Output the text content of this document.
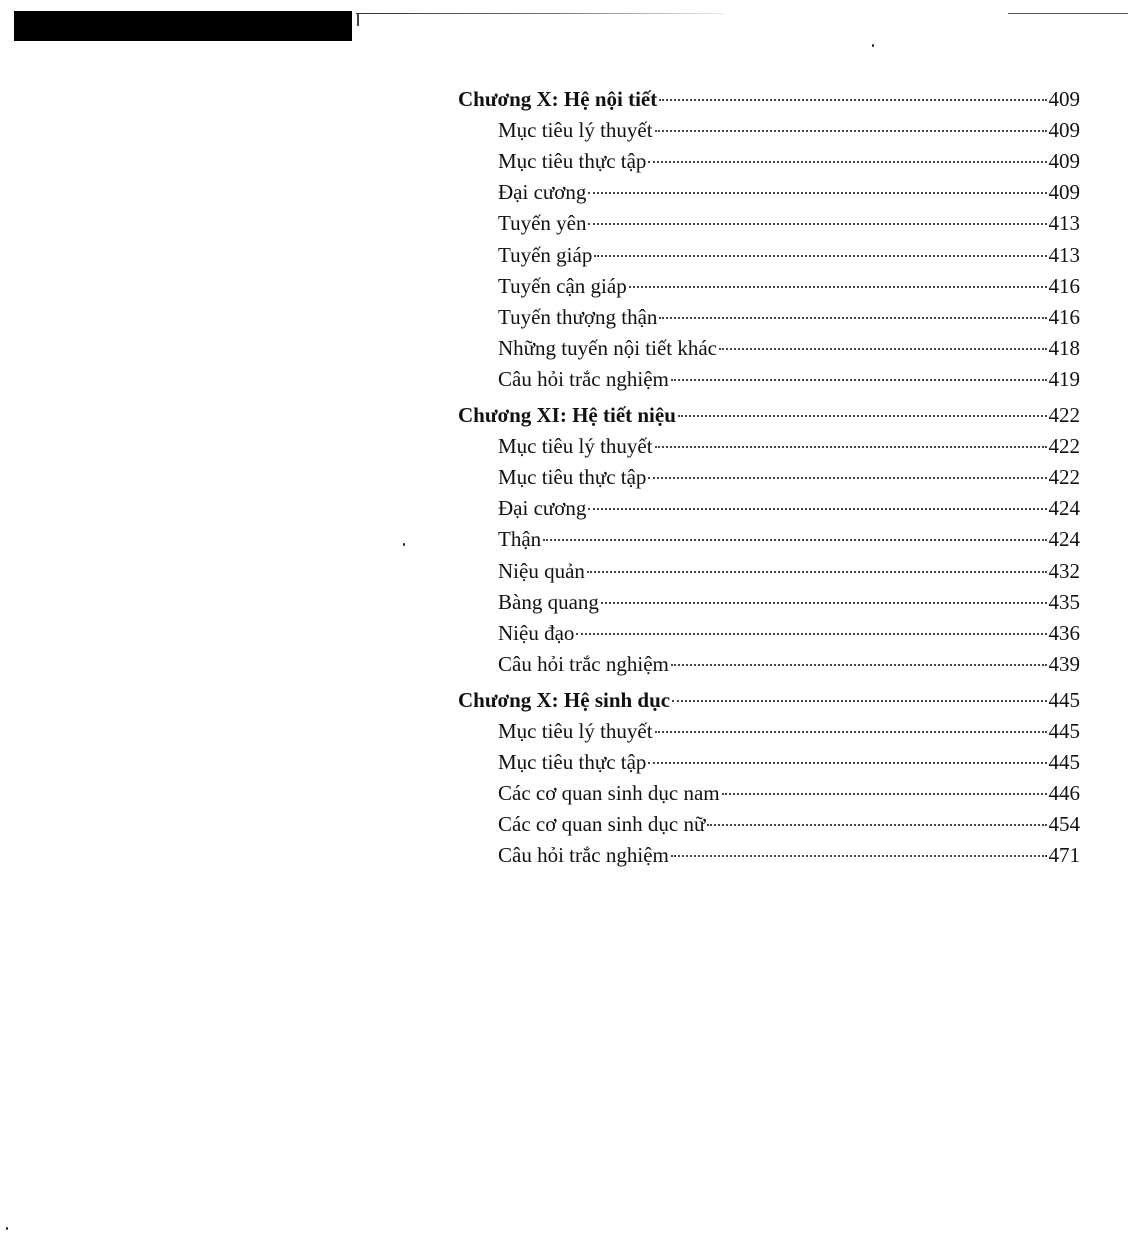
Chương X: Hệ nội tiết	409
Mục tiêu lý thuyết	409
Mục tiêu thực tập	409
Đại cương	409
Tuyến yên	413
Tuyến giáp	413
Tuyến cận giáp	416
Tuyến thượng thận	416
Những tuyến nội tiết khác	418
Câu hỏi trắc nghiệm	419
Chương XI: Hệ tiết niệu	422
Mục tiêu lý thuyết	422
Mục tiêu thực tập	422
Đại cương	424
Thận	424
Niệu quản	432
Bàng quang	435
Niệu đạo	436
Câu hỏi trắc nghiệm	439
Chương X: Hệ sinh dục	445
Mục tiêu lý thuyết	445
Mục tiêu thực tập	445
Các cơ quan sinh dục nam	446
Các cơ quan sinh dục nữ	454
Câu hỏi trắc nghiệm	471
